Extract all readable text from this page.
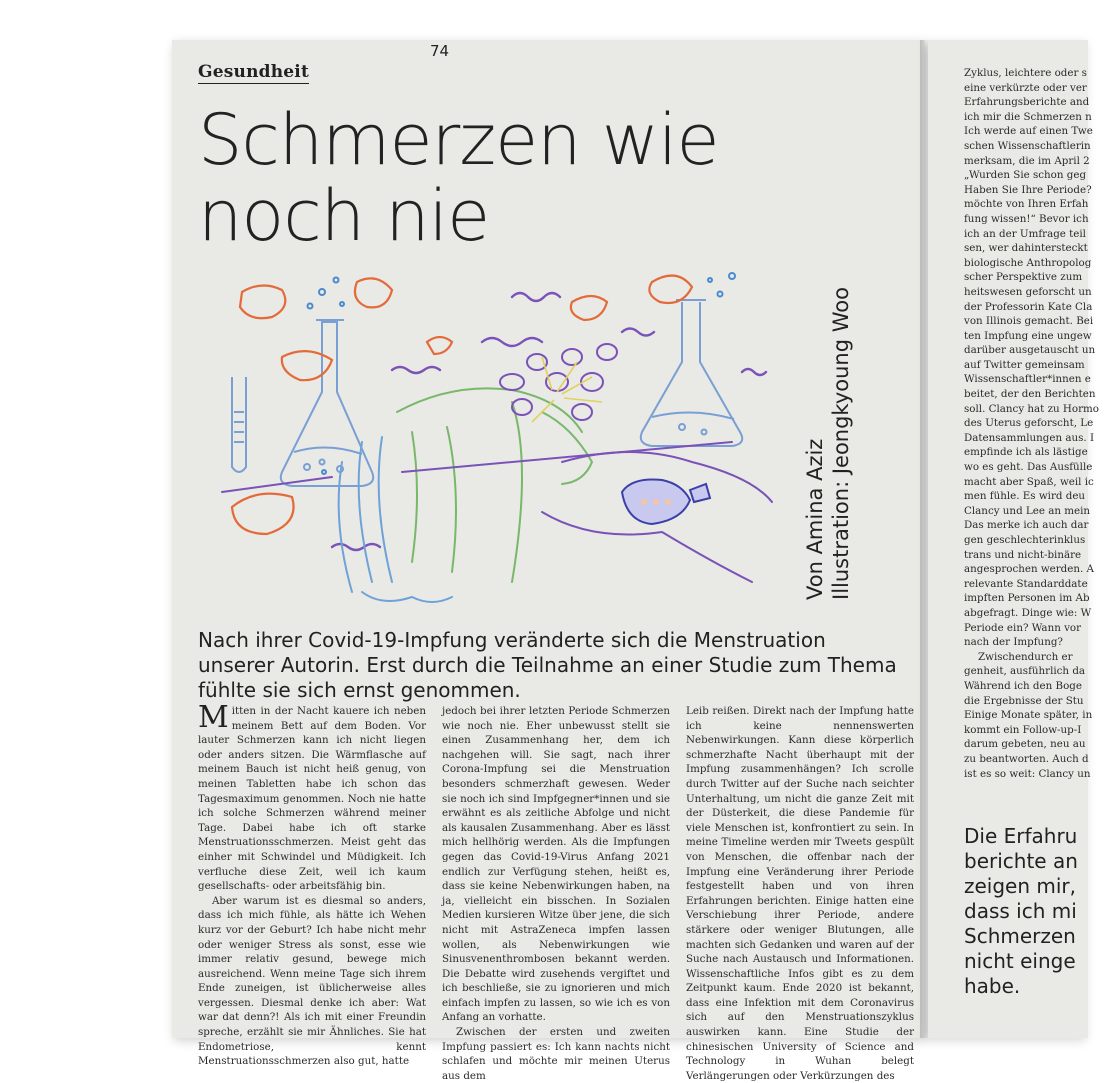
74
Gesundheit
Schmerzen wie noch nie
Von Amina Aziz Illustration: Jeongkyoung Woo

Nach ihrer Covid-19-Impfung veränderte sich die Menstruation unserer Autorin. Erst durch die Teilnahme an einer Studie zum Thema fühlte sie sich ernst genommen.

Mitten in der Nacht kauere ich neben meinem Bett auf dem Boden. Vor lauter Schmerzen kann ich nicht liegen oder anders sitzen. Die Wärmflasche auf meinem Bauch ist nicht heiß genug, von meinen Tabletten habe ich schon das Tagesmaximum genommen. Noch nie hatte ich solche Schmerzen während meiner Tage. Dabei habe ich oft starke Menstruationsschmerzen. Meist geht das einher mit Schwindel und Müdigkeit. Ich verfluche diese Zeit, weil ich kaum gesellschafts- oder arbeitsfähig bin.

Aber warum ist es diesmal so anders, dass ich mich fühle, als hätte ich Wehen kurz vor der Geburt? Ich habe nicht mehr oder weniger Stress als sonst, esse wie immer relativ gesund, bewege mich ausreichend. Wenn meine Tage sich ihrem Ende zuneigen, ist üblicherweise alles vergessen. Diesmal denke ich aber: Wat war dat denn?! Als ich mit einer Freundin spreche, erzählt sie mir Ähnliches. Sie hat Endometriose, kennt Menstruationsschmerzen also gut, hatte

jedoch bei ihrer letzten Periode Schmerzen wie noch nie. Eher unbewusst stellt sie einen Zusammenhang her, dem ich nachgehen will. Sie sagt, nach ihrer Corona-Impfung sei die Menstruation besonders schmerzhaft gewesen. Weder sie noch ich sind Impfgegner*innen und sie erwähnt es als zeitliche Abfolge und nicht als kausalen Zusammenhang. Aber es lässt mich hellhörig werden. Als die Impfungen gegen das Covid-19-Virus Anfang 2021 endlich zur Verfügung stehen, heißt es, dass sie keine Nebenwirkungen haben, na ja, vielleicht ein bisschen. In Sozialen Medien kursieren Witze über jene, die sich nicht mit AstraZeneca impfen lassen wollen, als Nebenwirkungen wie Sinusvenenthrombosen bekannt werden. Die Debatte wird zusehends vergiftet und ich beschließe, sie zu ignorieren und mich einfach impfen zu lassen, so wie ich es von Anfang an vorhatte.

Zwischen der ersten und zweiten Impfung passiert es: Ich kann nachts nicht schlafen und möchte mir meinen Uterus aus dem

Leib reißen. Direkt nach der Impfung hatte ich keine nennenswerten Nebenwirkungen. Kann diese körperlich schmerzhafte Nacht überhaupt mit der Impfung zusammenhängen? Ich scrolle durch Twitter auf der Suche nach seichter Unterhaltung, um nicht die ganze Zeit mit der Düsterkeit, die diese Pandemie für viele Menschen ist, konfrontiert zu sein. In meine Timeline werden mir Tweets gespült von Menschen, die offenbar nach der Impfung eine Veränderung ihrer Periode festgestellt haben und von ihren Erfahrungen berichten. Einige hatten eine Verschiebung ihrer Periode, andere stärkere oder weniger Blutungen, alle machten sich Gedanken und waren auf der Suche nach Austausch und Informationen. Wissenschaftliche Infos gibt es zu dem Zeitpunkt kaum. Ende 2020 ist bekannt, dass eine Infektion mit dem Coronavirus sich auf den Menstruationszyklus auswirken kann. Eine Studie der chinesischen University of Science and Technology in Wuhan belegt Verlängerungen oder Verkürzungen des

Zyklus, leichtere oder s

eine verkürzte oder ver

Erfahrungsberichte and

ich mir die Schmerzen n

Ich werde auf einen Twe

schen Wissenschaftlerin

merksam, die im April 2

„Wurden Sie schon geg

Haben Sie Ihre Periode?

möchte von Ihren Erfah

fung wissen!“ Bevor ich

ich an der Umfrage teil

sen, wer dahintersteckt

biologische Anthropolog

scher Perspektive zum

heitswesen geforscht un

der Professorin Kate Cla

von Illinois gemacht. Bei

ten Impfung eine ungew

darüber ausgetauscht un

auf Twitter gemeinsam

Wissenschaftler*innen e

beitet, der den Berichten

soll. Clancy hat zu Hormo

des Uterus geforscht, Le

Datensammlungen aus. I

empfinde ich als lästige

wo es geht. Das Ausfülle

macht aber Spaß, weil ic

men fühle. Es wird deu

Clancy und Lee an mein

Das merke ich auch dar

gen geschlechterinklus

trans und nicht-binäre

angesprochen werden. A

relevante Standarddate

impften Personen im Ab

abgefragt. Dinge wie: W

Periode ein? Wann vor

nach der Impfung?

Zwischendurch er

genheit, ausführlich da

Während ich den Boge

die Ergebnisse der Stu

Einige Monate später, in

kommt ein Follow-up-I

darum gebeten, neu au

zu beantworten. Auch d

ist es so weit: Clancy un

Die Erfahru
berichte an
zeigen mir,
dass ich mi
Schmerzen
nicht einge
habe.
